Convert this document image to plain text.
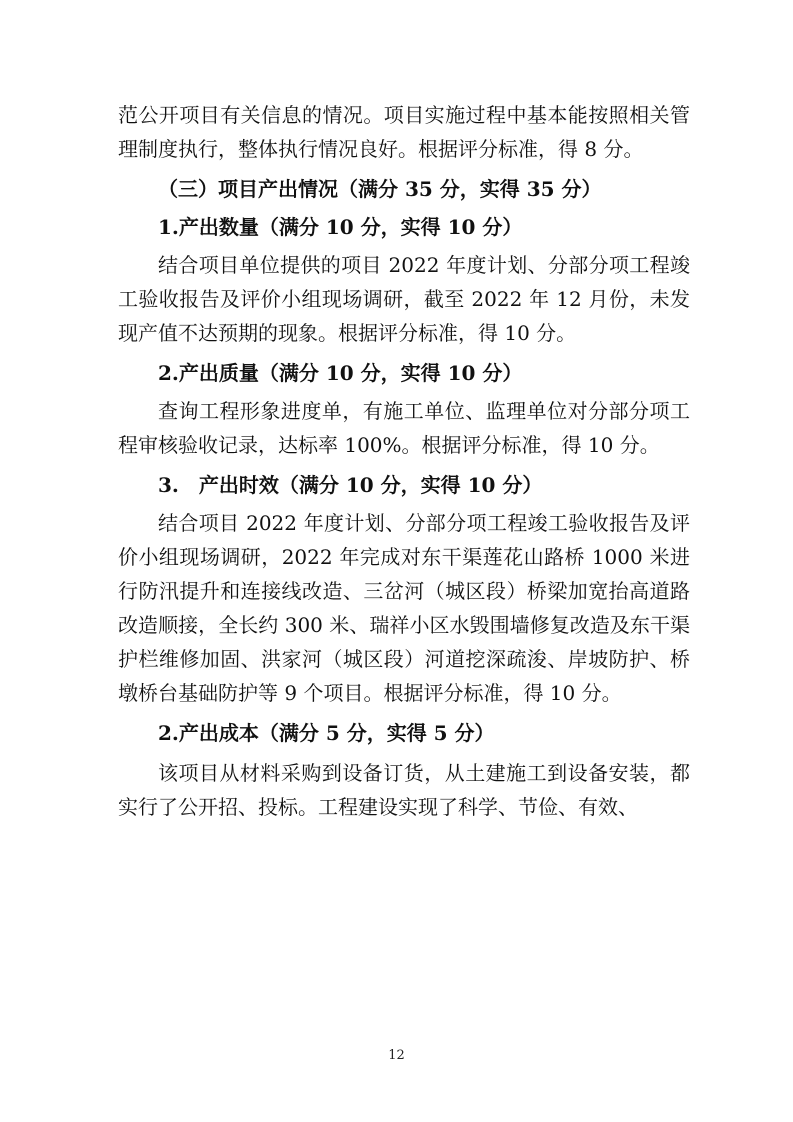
范公开项目有关信息的情况。项目实施过程中基本能按照相关管理制度执行，整体执行情况良好。根据评分标准，得 8 分。

（三）项目产出情况（满分 35 分，实得 35 分）

1.产出数量（满分 10 分，实得 10 分）

结合项目单位提供的项目 2022 年度计划、分部分项工程竣工验收报告及评价小组现场调研，截至 2022 年 12 月份，未发现产值不达预期的现象。根据评分标准，得 10 分。

2.产出质量（满分 10 分，实得 10 分）

查询工程形象进度单，有施工单位、监理单位对分部分项工程审核验收记录，达标率 100%。根据评分标准，得 10 分。

3.　产出时效（满分 10 分，实得 10 分）

结合项目 2022 年度计划、分部分项工程竣工验收报告及评价小组现场调研，2022 年完成对东干渠莲花山路桥 1000 米进行防汛提升和连接线改造、三岔河（城区段）桥梁加宽抬高道路改造顺接，全长约 300 米、瑞祥小区水毁围墙修复改造及东干渠护栏维修加固、洪家河（城区段）河道挖深疏浚、岸坡防护、桥墩桥台基础防护等 9 个项目。根据评分标准，得 10 分。

2.产出成本（满分 5 分，实得 5 分）

该项目从材料采购到设备订货，从土建施工到设备安装，都实行了公开招、投标。工程建设实现了科学、节俭、有效、

12
